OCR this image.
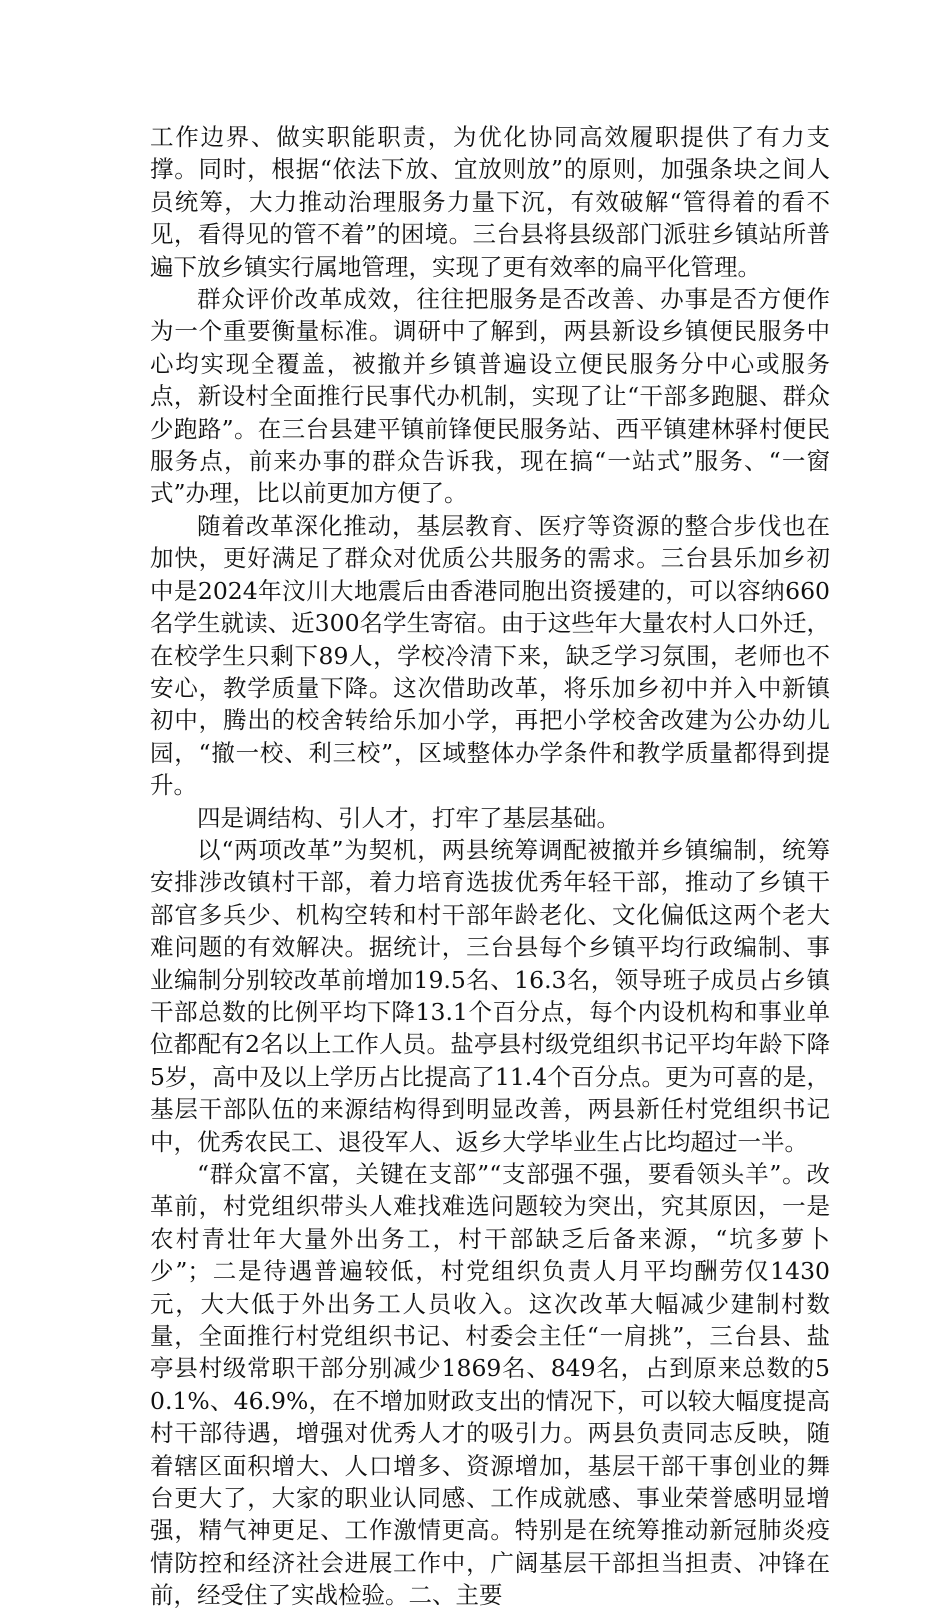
工作边界、做实职能职责，为优化协同高效履职提供了有力支撑。同时，根据“依法下放、宜放则放”的原则，加强条块之间人员统筹，大力推动治理服务力量下沉，有效破解“管得着的看不见，看得见的管不着”的困境。三台县将县级部门派驻乡镇站所普遍下放乡镇实行属地管理，实现了更有效率的扁平化管理。

群众评价改革成效，往往把服务是否改善、办事是否方便作为一个重要衡量标准。调研中了解到，两县新设乡镇便民服务中心均实现全覆盖，被撤并乡镇普遍设立便民服务分中心或服务点，新设村全面推行民事代办机制，实现了让“干部多跑腿、群众少跑路”。在三台县建平镇前锋便民服务站、西平镇建林驿村便民服务点，前来办事的群众告诉我，现在搞“一站式”服务、“一窗式”办理，比以前更加方便了。

随着改革深化推动，基层教育、医疗等资源的整合步伐也在加快，更好满足了群众对优质公共服务的需求。三台县乐加乡初中是2024年汶川大地震后由香港同胞出资援建的，可以容纳660名学生就读、近300名学生寄宿。由于这些年大量农村人口外迁，在校学生只剩下89人，学校冷清下来，缺乏学习氛围，老师也不安心，教学质量下降。这次借助改革，将乐加乡初中并入中新镇初中，腾出的校舍转给乐加小学，再把小学校舍改建为公办幼儿园，“撤一校、利三校”，区域整体办学条件和教学质量都得到提升。

四是调结构、引人才，打牢了基层基础。

以“两项改革”为契机，两县统筹调配被撤并乡镇编制，统筹安排涉改镇村干部，着力培育选拔优秀年轻干部，推动了乡镇干部官多兵少、机构空转和村干部年龄老化、文化偏低这两个老大难问题的有效解决。据统计，三台县每个乡镇平均行政编制、事业编制分别较改革前增加19.5名、16.3名，领导班子成员占乡镇干部总数的比例平均下降13.1个百分点，每个内设机构和事业单位都配有2名以上工作人员。盐亭县村级党组织书记平均年龄下降5岁，高中及以上学历占比提高了11.4个百分点。更为可喜的是，基层干部队伍的来源结构得到明显改善，两县新任村党组织书记中，优秀农民工、退役军人、返乡大学毕业生占比均超过一半。

“群众富不富，关键在支部”“支部强不强，要看领头羊”。改革前，村党组织带头人难找难选问题较为突出，究其原因，一是农村青壮年大量外出务工，村干部缺乏后备来源，“坑多萝卜少”；二是待遇普遍较低，村党组织负责人月平均酬劳仅1430元，大大低于外出务工人员收入。这次改革大幅减少建制村数量，全面推行村党组织书记、村委会主任“一肩挑”，三台县、盐亭县村级常职干部分别减少1869名、849名，占到原来总数的50.1%、46.9%，在不增加财政支出的情况下，可以较大幅度提高村干部待遇，增强对优秀人才的吸引力。两县负责同志反映，随着辖区面积增大、人口增多、资源增加，基层干部干事创业的舞台更大了，大家的职业认同感、工作成就感、事业荣誉感明显增强，精气神更足、工作激情更高。特别是在统筹推动新冠肺炎疫情防控和经济社会进展工作中，广阔基层干部担当担责、冲锋在前，经受住了实战检验。二、主要
